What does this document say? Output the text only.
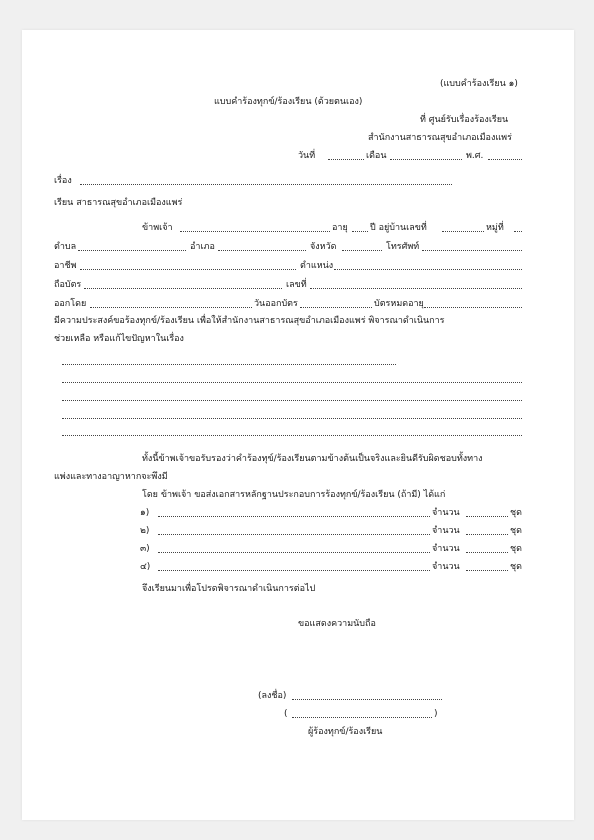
(แบบคำร้องเรียน ๑)
แบบคำร้องทุกข์/ร้องเรียน (ด้วยตนเอง)
ที่ ศูนย์รับเรื่องร้องเรียน
สำนักงานสาธารณสุขอำเภอเมืองแพร่
วันที่	เดือน	พ.ศ.
เรื่อง
เรียน สาธารณสุขอำเภอเมืองแพร่
ข้าพเจ้า	อายุ ปี อยู่บ้านเลขที่	หมู่ที่
ตำบล	อำเภอ	จังหวัด	โทรศัพท์
อาชีพ	ตำแหน่ง
ถือบัตร	เลขที่
ออกโดย	วันออกบัตร	บัตรหมดอายุ
มีความประสงค์ขอร้องทุกข์/ร้องเรียน เพื่อให้สำนักงานสาธารณสุขอำเภอเมืองแพร่ พิจารณาดำเนินการ
ช่วยเหลือ หรือแก้ไขปัญหาในเรื่อง
ทั้งนี้ข้าพเจ้าขอรับรองว่าคำร้องทุข์/ร้องเรียนตามข้างต้นเป็นจริงและยินดีรับผิดชอบทั้งทาง
แพ่งและทางอาญาหากจะพึงมี
โดย ข้าพเจ้า ขอส่งเอกสารหลักฐานประกอบการร้องทุกข์/ร้องเรียน (ถ้ามี) ได้แก่
๑)	จำนวน	ชุด
๒)	จำนวน	ชุด
๓)	จำนวน	ชุด
๔)	จำนวน	ชุด
จึงเรียนมาเพื่อโปรดพิจารณาดำเนินการต่อไป
ขอแสดงความนับถือ
(ลงชื่อ)
(	)
ผู้ร้องทุกข์/ร้องเรียน
